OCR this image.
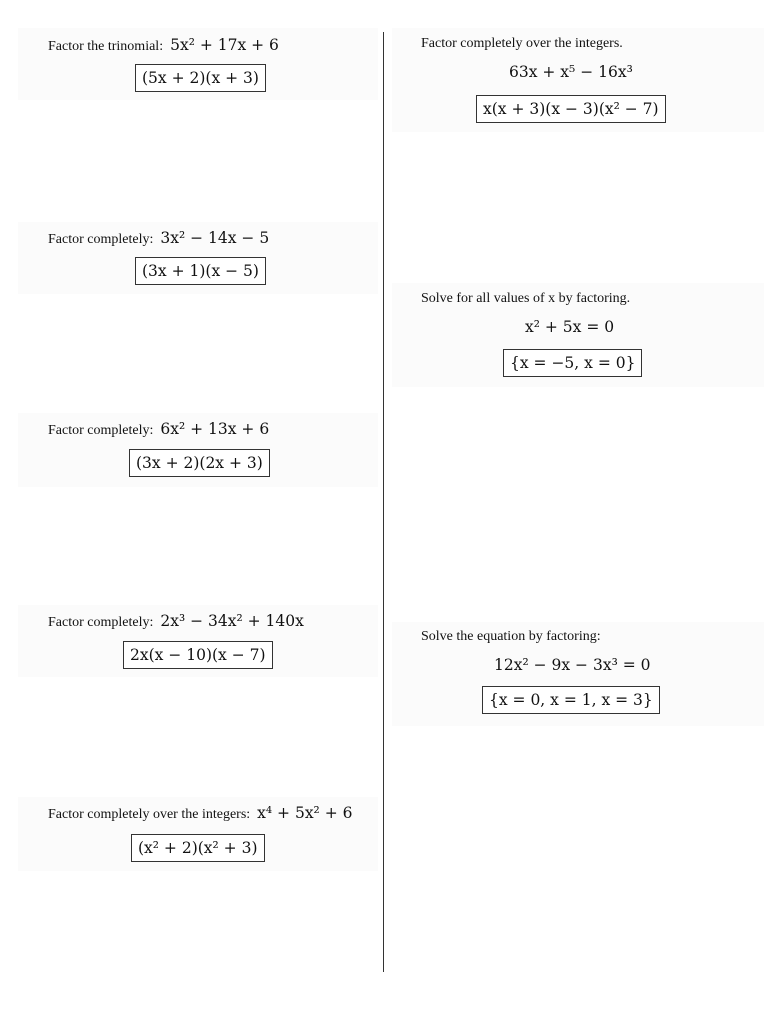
Factor the trinomial: 5x² + 17x + 6
(5x + 2)(x + 3)
Factor completely: 3x² − 14x − 5
(3x + 1)(x − 5)
Factor completely: 6x² + 13x + 6
(3x + 2)(2x + 3)
Factor completely: 2x³ − 34x² + 140x
2x(x − 10)(x − 7)
Factor completely over the integers: x⁴ + 5x² + 6
(x² + 2)(x² + 3)
Factor completely over the integers.
63x + x⁵ − 16x³
x(x + 3)(x − 3)(x² − 7)
Solve for all values of x by factoring.
x² + 5x = 0
{x = −5, x = 0}
Solve the equation by factoring:
12x² − 9x − 3x³ = 0
{x = 0, x = 1, x = 3}
